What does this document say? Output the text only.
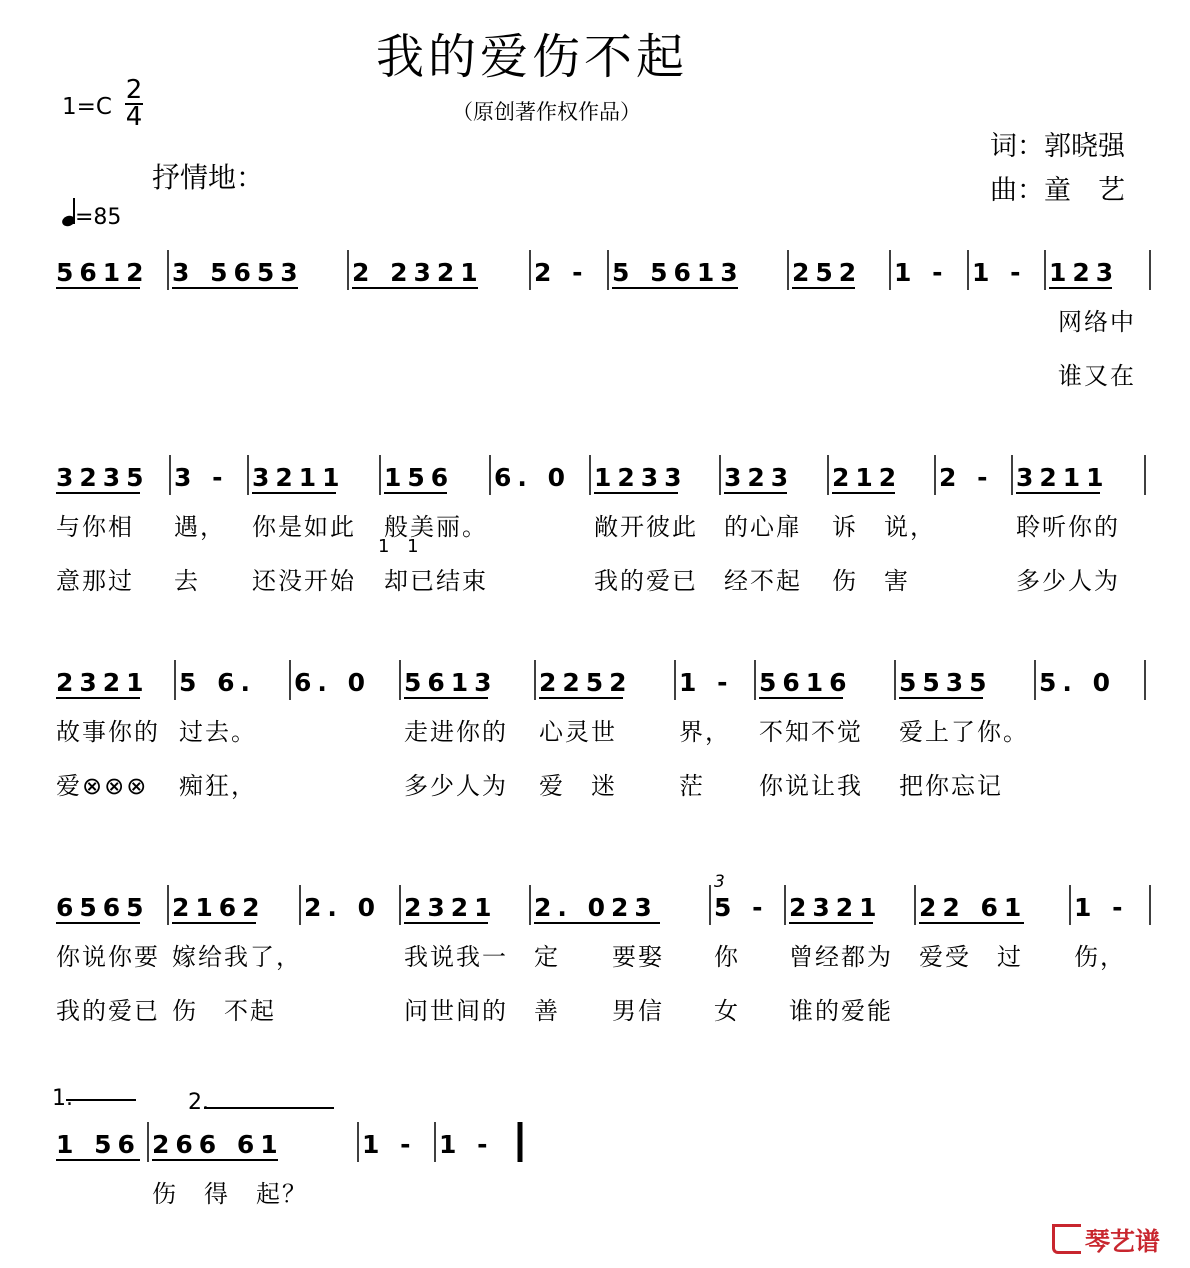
我的爱伤不起
（原创著作权作品）
词：郭晓强
曲：童　艺
1=C
2
4
抒情地：
=85
5612 3 5653 2 2321 2 - 5 5613 252 1 - 1 - 123
网络中
谁又在
3235
与你相
意那过
3 -
遇，
去
3211
你是如此
还没开始
156
般美丽。
却已结束
6. 0 1233
敞开彼此
我的爱已
323
的心扉
经不起
212
诉　说，
伤　害
2 - 3211
聆听你的
多少人为
2321
故事你的
爱⊗⊗⊗
5 6.
过去。
痴狂，
6. 0 5613
走进你的
多少人为
2252
心灵世
爱　迷
1 -
界，
茫
5616
不知不觉
你说让我
5535
爱上了你。
把你忘记
5. 0
6565
你说你要
我的爱已
2162
嫁给我了，
伤　不起
2. 0 2321
我说我一
问世间的
2. 023
定　　要娶
善　　男信
5 -
你
女
2321
曾经都为
谁的爱能
22 61
爱受　过
1 -
伤，
1 56 266 61
伤　得　起？
1 - 1 -
1.	2.
3
1 1
琴艺谱
